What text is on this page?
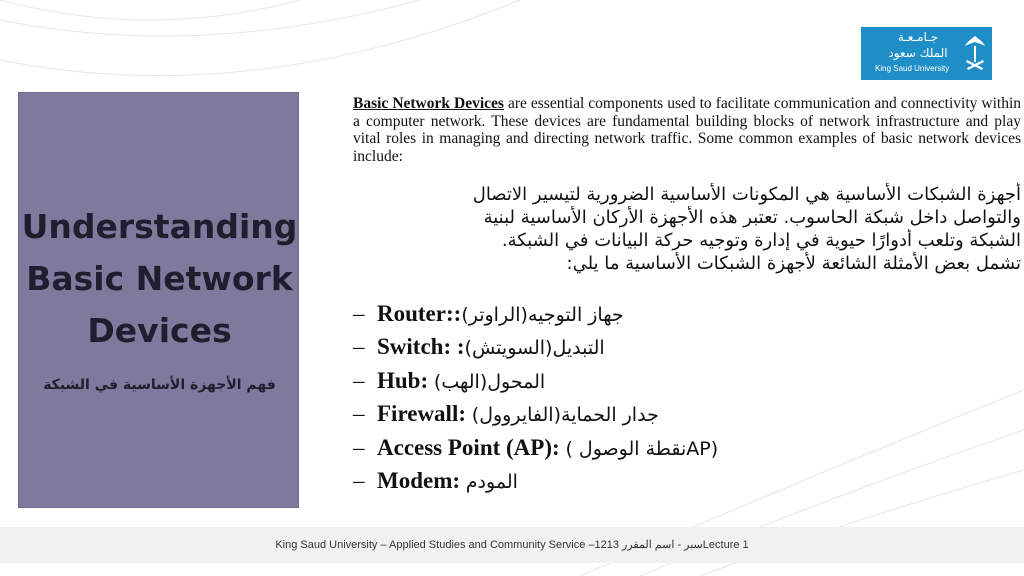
جـامـعـة
الملك سعود
King Saud University
Understanding
Basic Network
Devices
فهم الأجهزة الأساسية في الشبكة
Basic Network Devices are essential components used to facilitate communication and connectivity within a computer network. These devices are fundamental building blocks of network infrastructure and play vital roles in managing and directing network traffic. Some common examples of basic network devices include:
أجهزة الشبكات الأساسية هي المكونات الأساسية الضرورية لتيسير الاتصال
والتواصل داخل شبكة الحاسوب. تعتبر هذه الأجهزة الأركان الأساسية لبنية
الشبكة وتلعب أدوارًا حيوية في إدارة وتوجيه حركة البيانات في الشبكة.
تشمل بعض الأمثلة الشائعة لأجهزة الشبكات الأساسية ما يلي:
– Router::(الراوتر)جهاز التوجيه
– Switch: :(السويتش)التبديل
– Hub: (الهب)المحول
– Firewall: (الفايروول)جدار الحماية
– Access Point (AP): ( نقطة الوصولAP)
– Modem: المودم
King Saud University – Applied Studies and Community Service –1213 سبر - اسم المقررLecture 1
